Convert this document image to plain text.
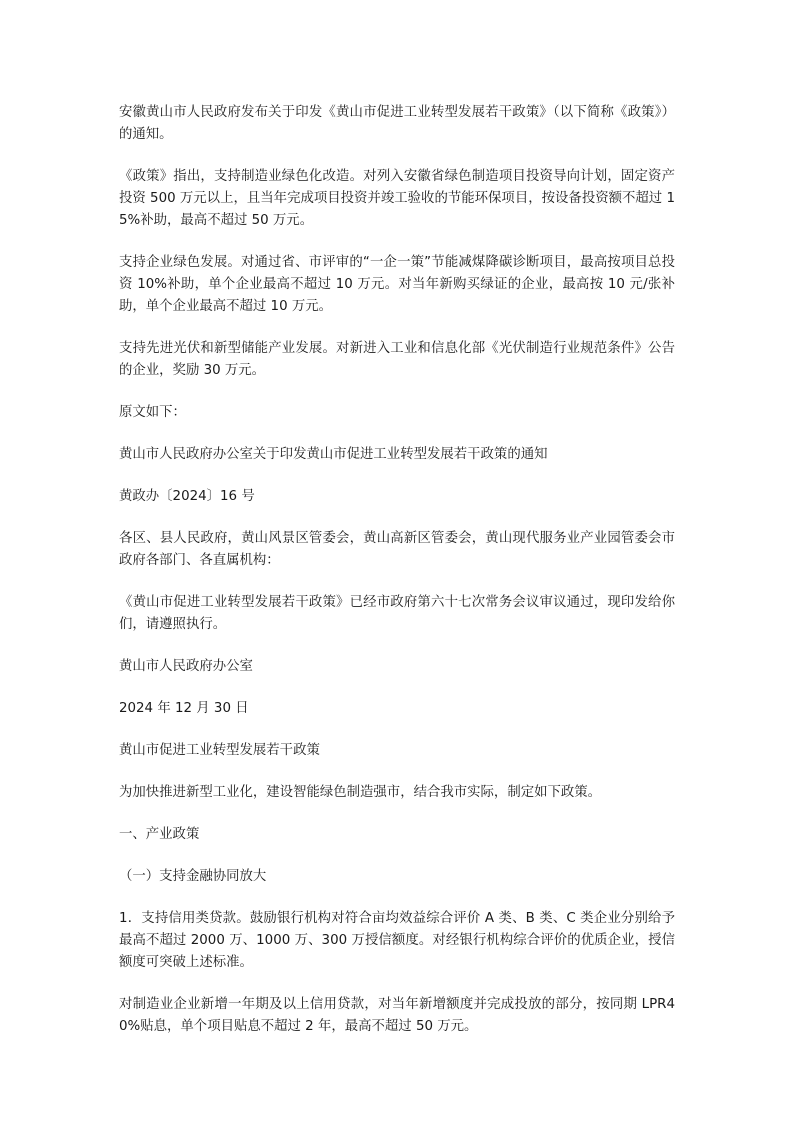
安徽黄山市人民政府发布关于印发《黄山市促进工业转型发展若干政策》（以下简称《政策》）的通知。

《政策》指出，支持制造业绿色化改造。对列入安徽省绿色制造项目投资导向计划，固定资产投资 500 万元以上，且当年完成项目投资并竣工验收的节能环保项目，按设备投资额不超过 15%补助，最高不超过 50 万元。

支持企业绿色发展。对通过省、市评审的“一企一策”节能减煤降碳诊断项目，最高按项目总投资 10%补助，单个企业最高不超过 10 万元。对当年新购买绿证的企业，最高按 10 元/张补助，单个企业最高不超过 10 万元。

支持先进光伏和新型储能产业发展。对新进入工业和信息化部《光伏制造行业规范条件》公告的企业，奖励 30 万元。

原文如下：

黄山市人民政府办公室关于印发黄山市促进工业转型发展若干政策的通知

黄政办〔2024〕16 号

各区、县人民政府，黄山风景区管委会，黄山高新区管委会，黄山现代服务业产业园管委会市政府各部门、各直属机构：

《黄山市促进工业转型发展若干政策》已经市政府第六十七次常务会议审议通过，现印发给你们，请遵照执行。

黄山市人民政府办公室

2024 年 12 月 30 日

黄山市促进工业转型发展若干政策

为加快推进新型工业化，建设智能绿色制造强市，结合我市实际，制定如下政策。

一、产业政策

（一）支持金融协同放大

1．支持信用类贷款。鼓励银行机构对符合亩均效益综合评价 A 类、B 类、C 类企业分别给予最高不超过 2000 万、1000 万、300 万授信额度。对经银行机构综合评价的优质企业，授信额度可突破上述标准。

对制造业企业新增一年期及以上信用贷款，对当年新增额度并完成投放的部分，按同期 LPR40%贴息，单个项目贴息不超过 2 年，最高不超过 50 万元。
